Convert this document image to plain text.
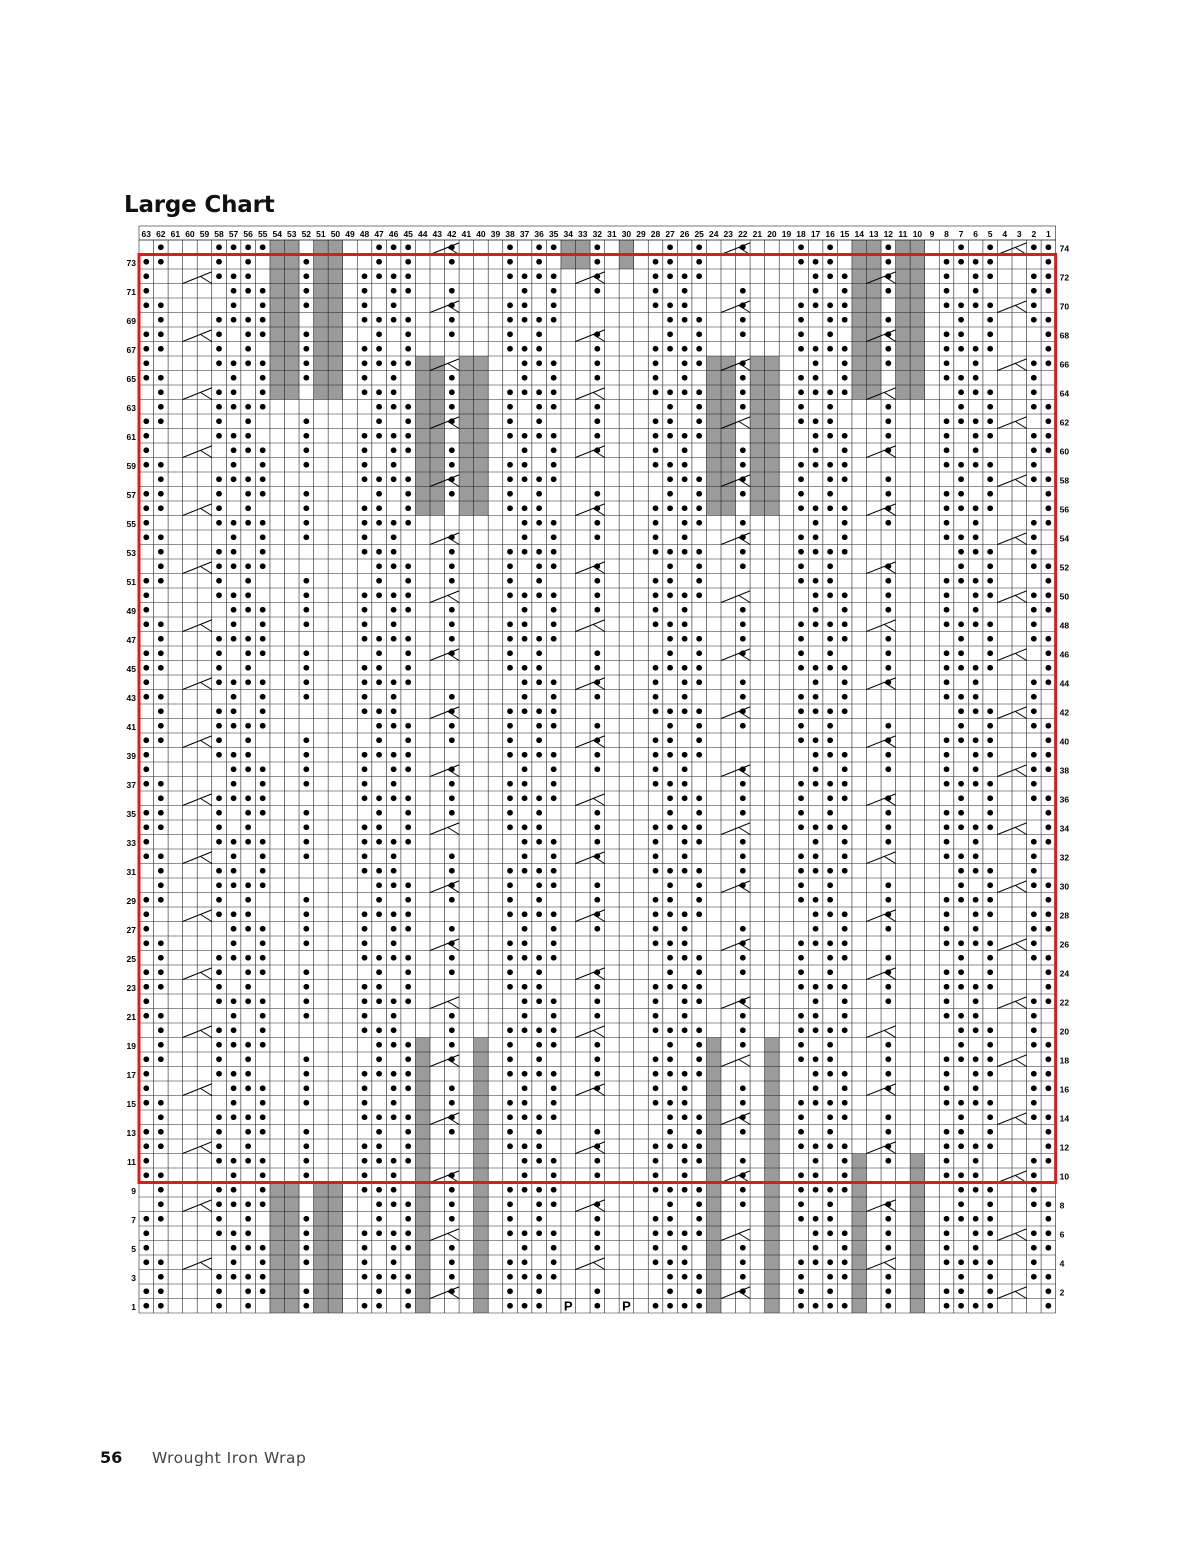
Large Chart
P	P
63 62 61 60 59 58 57 56 55 54 53 52 51 50 49 48 47 46 45 44 43 42 41 40 39 38 37 36 35 34 33 32 31 30 29 28 27 26 25 24 23 22 21 20 19 18 17 16 15 14 13 12 11 10 9 8 7 6 5 4 3 2 1
73
71
69
67
65
63
61
59
57
55
53
51
49
47
45
43
41
39
37
35
33
31
29
27
25
23
21
19
17
15
13
11
9
7
5
3
1
74
72
70
68
66
64
62
60
58
56
54
52
50
48
46
44
42
40
38
36
34
32
30
28
26
24
22
20
18
16
14
12
10
8
6
4
2
56 Wrought Iron Wrap
